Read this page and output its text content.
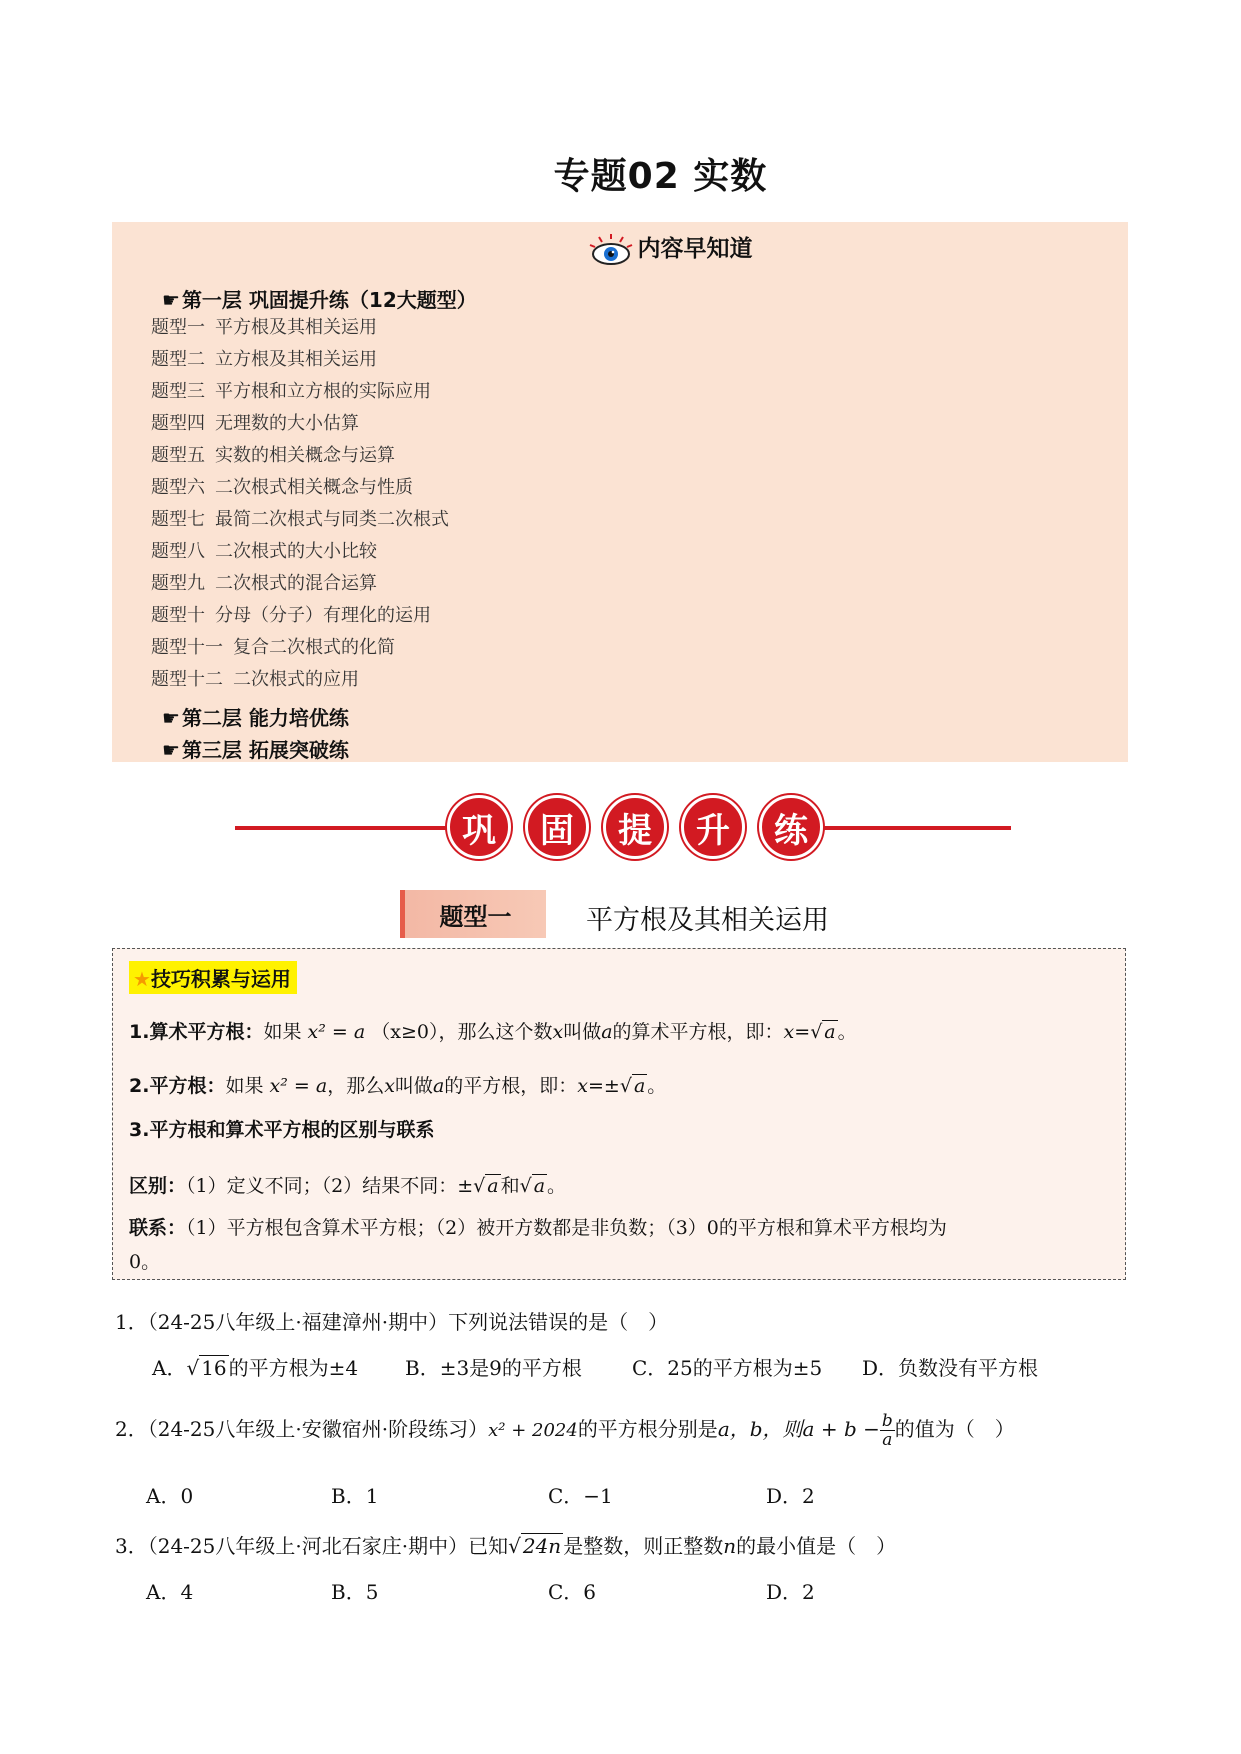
专题02 实数
内容早知道
☛ 第一层 巩固提升练（12大题型）
题型一 平方根及其相关运用
题型二 立方根及其相关运用
题型三 平方根和立方根的实际应用
题型四 无理数的大小估算
题型五 实数的相关概念与运算
题型六 二次根式相关概念与性质
题型七 最简二次根式与同类二次根式
题型八 二次根式的大小比较
题型九 二次根式的混合运算
题型十 分母（分子）有理化的运用
题型十一 复合二次根式的化简
题型十二 二次根式的应用
☛ 第二层 能力培优练
☛ 第三层 拓展突破练
巩	固	提	升	练
题型一	平方根及其相关运用
★技巧积累与运用
1.算术平方根：如果 x² = a （x≥0），那么这个数x叫做a的算术平方根，即：x=√ a 。
2.平方根：如果 x² = a，那么x叫做a的平方根，即：x=±√ a 。
3.平方根和算术平方根的区别与联系
区别：（1）定义不同；（2）结果不同：±√ a 和√ a 。
联系：（1）平方根包含算术平方根；（2）被开方数都是非负数；（3）0的平方根和算术平方根均为
0。
1．（24-25八年级上·福建漳州·期中）下列说法错误的是（　）
A．√ 16 的平方根为±4 B．±3是9的平方根	C．25的平方根为±5 D．负数没有平方根
2．（24-25八年级上·安徽宿州·阶段练习）x² + 2024的平方根分别是a，b，则$a + b - \frac{b}{a}$ 的值为（　）
A．0	B．1	C．−1	D．2
3．（24-25八年级上·河北石家庄·期中）已知√ 24n 是整数，则正整数n的最小值是（　）
A．4	B．5	C．6	D．2
